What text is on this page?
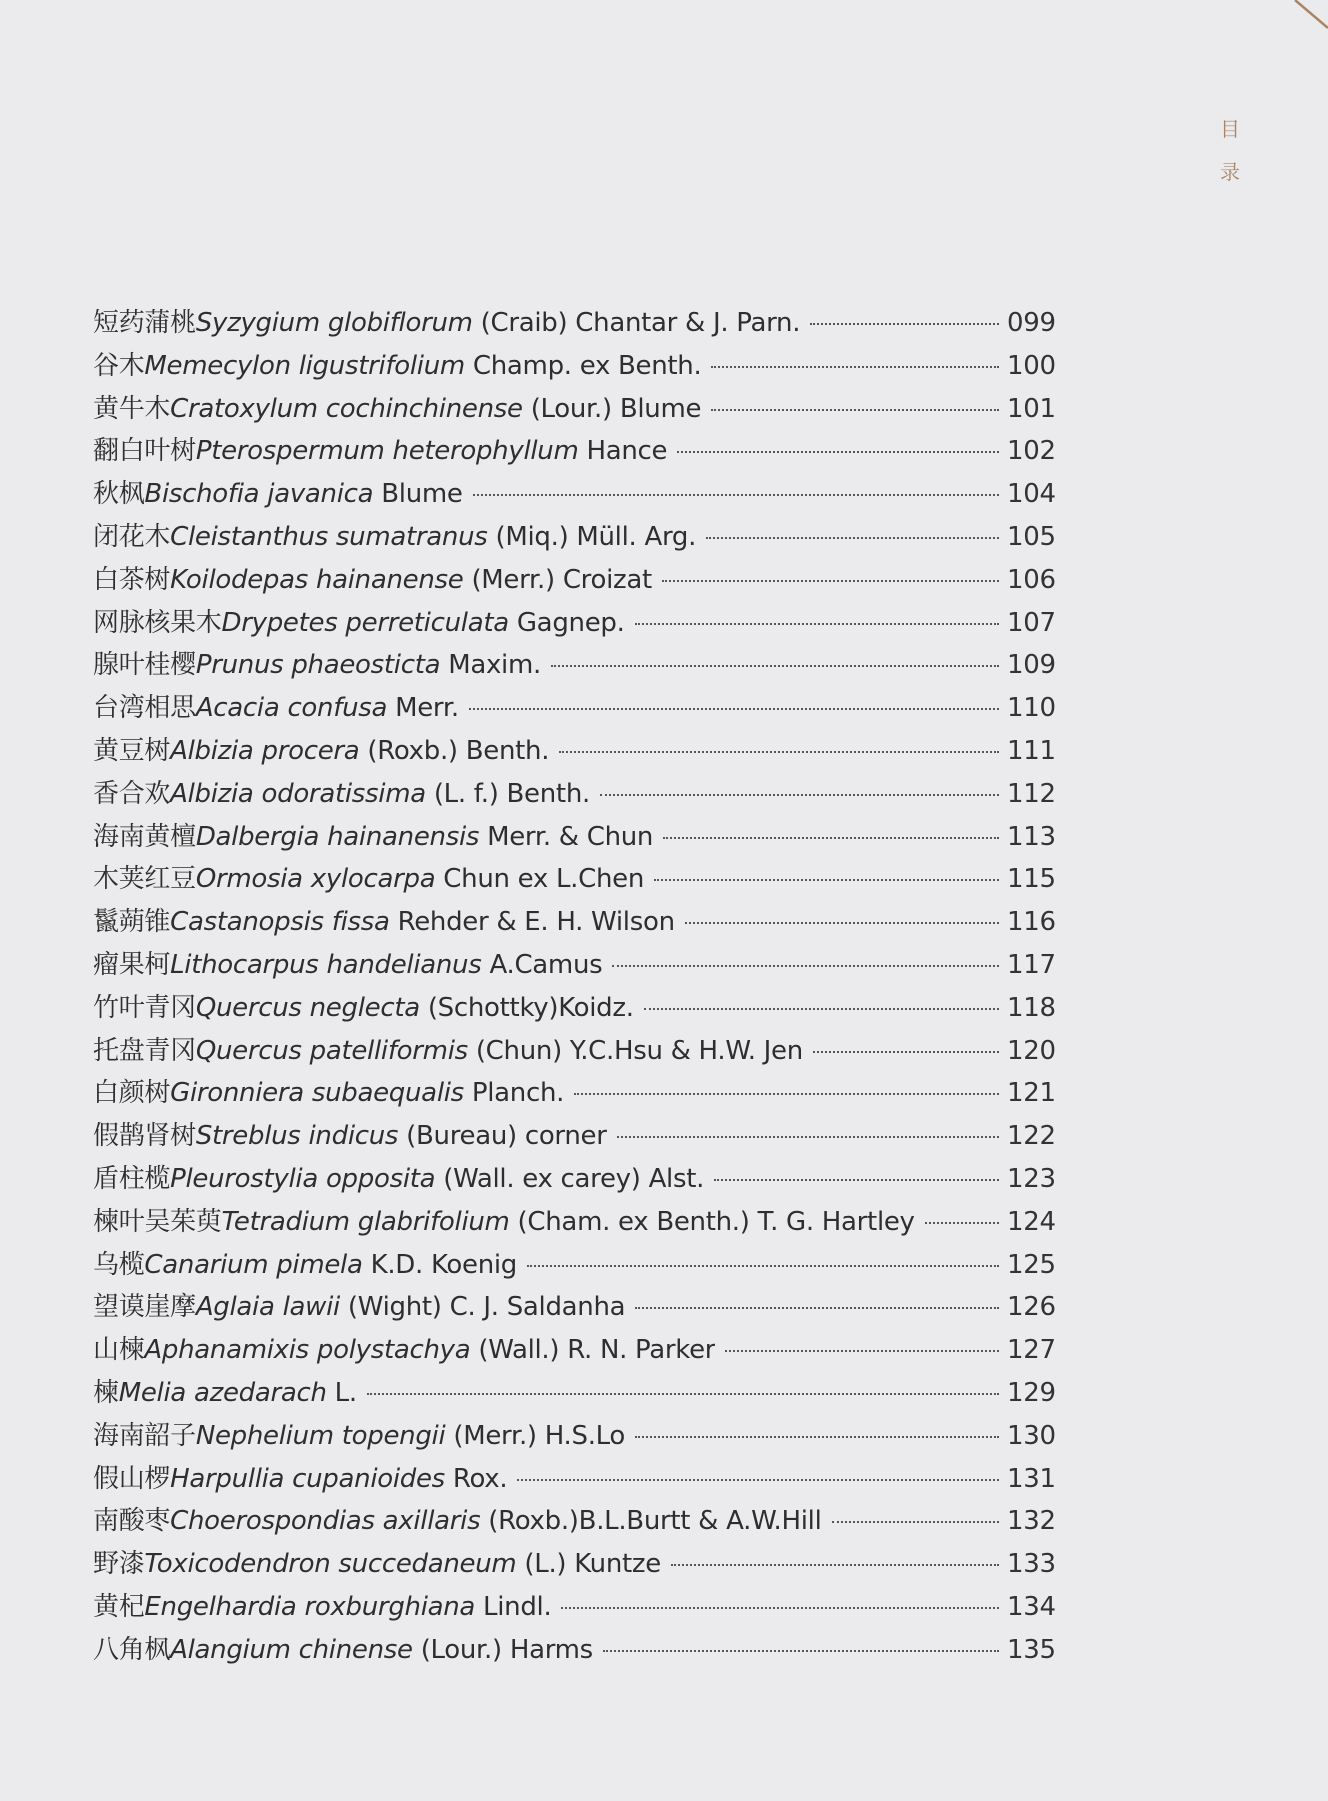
目
录
短药蒲桃Syzygium globiflorum (Craib) Chantar & J. Parn.	099
谷木Memecylon ligustrifolium Champ. ex Benth.	100
黄牛木Cratoxylum cochinchinense (Lour.) Blume	101
翻白叶树Pterospermum heterophyllum Hance	102
秋枫Bischofia javanica Blume	104
闭花木Cleistanthus sumatranus (Miq.) Müll. Arg.	105
白茶树Koilodepas hainanense (Merr.) Croizat	106
网脉核果木Drypetes perreticulata Gagnep.	107
腺叶桂樱Prunus phaeosticta Maxim.	109
台湾相思Acacia confusa Merr.	110
黄豆树Albizia procera (Roxb.) Benth.	111
香合欢Albizia odoratissima (L. f.) Benth.	112
海南黄檀Dalbergia hainanensis Merr. & Chun	113
木荚红豆Ormosia xylocarpa Chun ex L.Chen	115
鬣蒴锥Castanopsis fissa Rehder & E. H. Wilson	116
瘤果柯Lithocarpus handelianus A.Camus	117
竹叶青冈Quercus neglecta (Schottky)Koidz.	118
托盘青冈Quercus patelliformis (Chun) Y.C.Hsu & H.W. Jen	120
白颜树Gironniera subaequalis Planch.	121
假鹊肾树Streblus indicus (Bureau) corner	122
盾柱榄Pleurostylia opposita (Wall. ex carey) Alst.	123
楝叶吴茱萸Tetradium glabrifolium (Cham. ex Benth.) T. G. Hartley	124
乌榄Canarium pimela K.D. Koenig	125
望谟崖摩Aglaia lawii (Wight) C. J. Saldanha	126
山楝Aphanamixis polystachya (Wall.) R. N. Parker	127
楝Melia azedarach L.	129
海南韶子Nephelium topengii (Merr.) H.S.Lo	130
假山椤Harpullia cupanioides Rox.	131
南酸枣Choerospondias axillaris (Roxb.)B.L.Burtt & A.W.Hill	132
野漆Toxicodendron succedaneum (L.) Kuntze	133
黄杞Engelhardia roxburghiana Lindl.	134
八角枫Alangium chinense (Lour.) Harms	135
